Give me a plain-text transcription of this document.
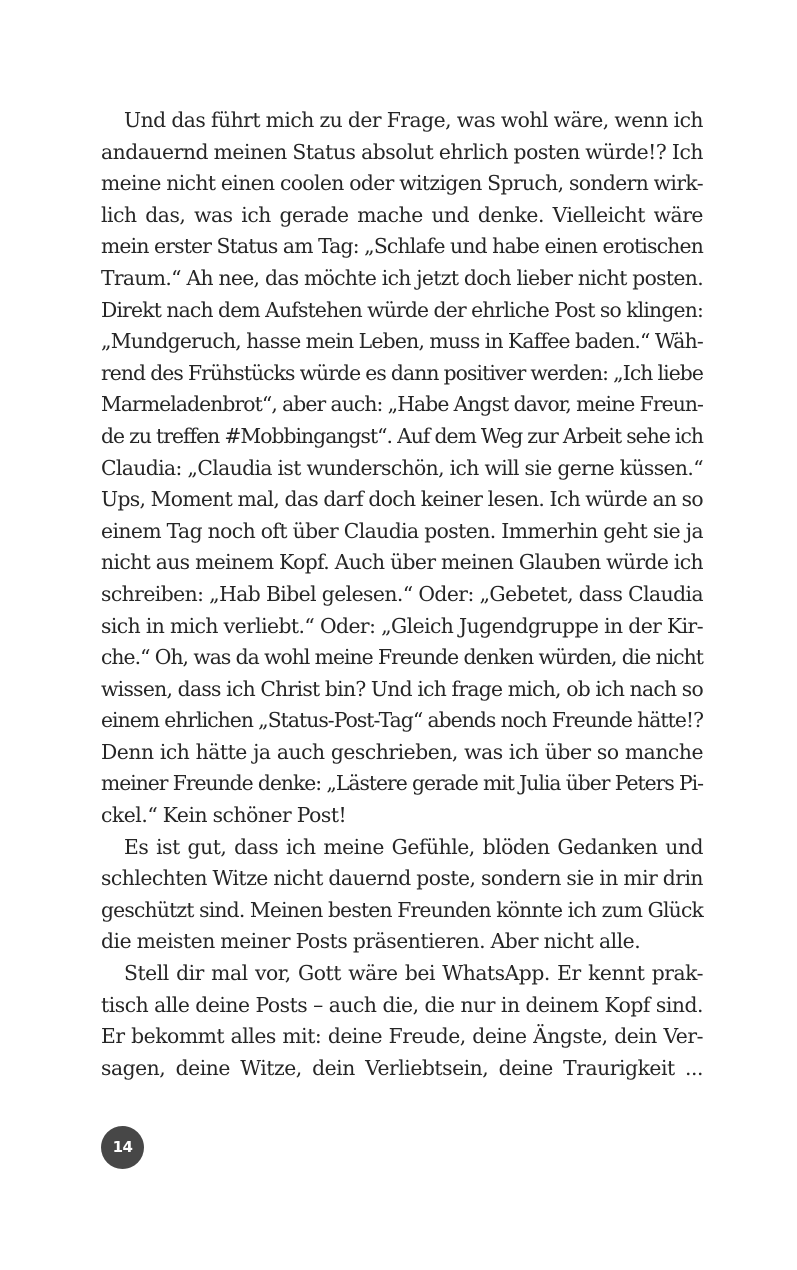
Und das führt mich zu der Frage, was wohl wäre, wenn ich
andauernd meinen Status absolut ehrlich posten würde!? Ich
meine nicht einen coolen oder witzigen Spruch, sondern wirk-
lich das, was ich gerade mache und denke. Vielleicht wäre
mein erster Status am Tag: „Schlafe und habe einen erotischen
Traum.“ Ah nee, das möchte ich jetzt doch lieber nicht posten.
Direkt nach dem Aufstehen würde der ehrliche Post so klingen:
„Mundgeruch, hasse mein Leben, muss in Kaffee baden.“ Wäh-
rend des Frühstücks würde es dann positiver werden: „Ich liebe
Marmeladenbrot“, aber auch: „Habe Angst davor, meine Freun-
de zu treffen #Mobbingangst“. Auf dem Weg zur Arbeit sehe ich
Claudia: „Claudia ist wunderschön, ich will sie gerne küssen.“
Ups, Moment mal, das darf doch keiner lesen. Ich würde an so
einem Tag noch oft über Claudia posten. Immerhin geht sie ja
nicht aus meinem Kopf. Auch über meinen Glauben würde ich
schreiben: „Hab Bibel gelesen.“ Oder: „Gebetet, dass Claudia
sich in mich verliebt.“ Oder: „Gleich Jugendgruppe in der Kir-
che.“ Oh, was da wohl meine Freunde denken würden, die nicht
wissen, dass ich Christ bin? Und ich frage mich, ob ich nach so
einem ehrlichen „Status-Post-Tag“ abends noch Freunde hätte!?
Denn ich hätte ja auch geschrieben, was ich über so manche
meiner Freunde denke: „Lästere gerade mit Julia über Peters Pi-
ckel.“ Kein schöner Post!
Es ist gut, dass ich meine Gefühle, blöden Gedanken und
schlechten Witze nicht dauernd poste, sondern sie in mir drin
geschützt sind. Meinen besten Freunden könnte ich zum Glück
die meisten meiner Posts präsentieren. Aber nicht alle.
Stell dir mal vor, Gott wäre bei WhatsApp. Er kennt prak-
tisch alle deine Posts – auch die, die nur in deinem Kopf sind.
Er bekommt alles mit: deine Freude, deine Ängste, dein Ver-
sagen, deine Witze, dein Verliebtsein, deine Traurigkeit ...
14
